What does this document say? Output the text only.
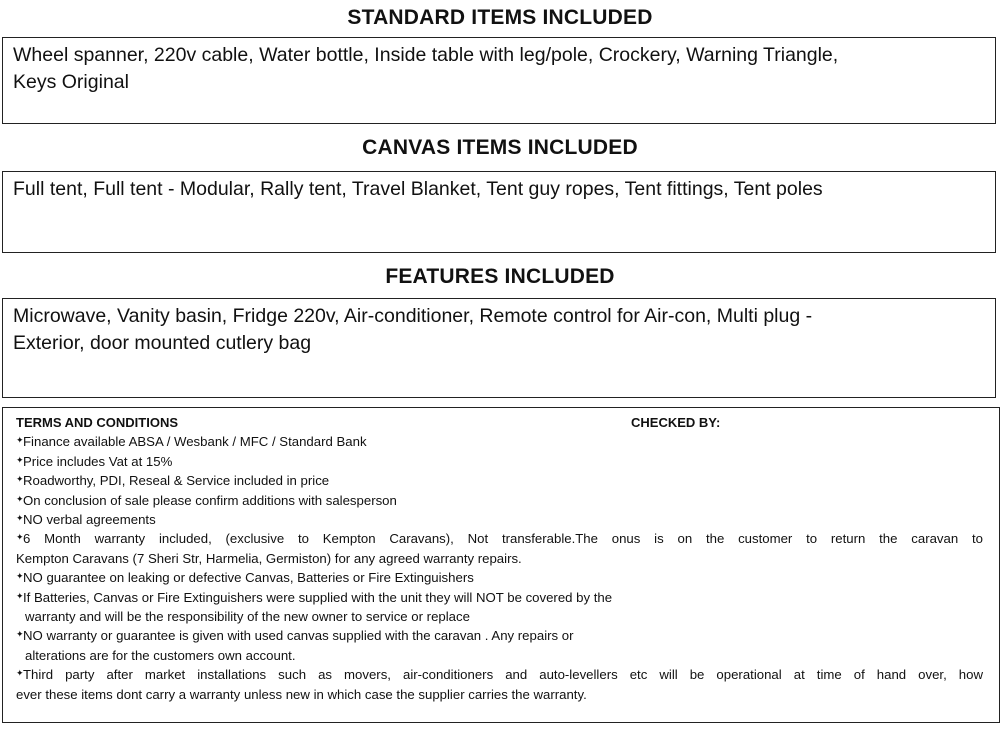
STANDARD ITEMS INCLUDED
Wheel spanner, 220v cable, Water bottle, Inside table with leg/pole, Crockery, Warning Triangle,
Keys Original
CANVAS ITEMS INCLUDED
Full tent, Full tent - Modular, Rally tent, Travel Blanket, Tent guy ropes, Tent fittings, Tent poles
FEATURES INCLUDED
Microwave, Vanity basin, Fridge 220v, Air-conditioner, Remote control for Air-con, Multi plug -
Exterior, door mounted cutlery bag
TERMS AND CONDITIONS	CHECKED BY:
✦ Finance available ABSA / Wesbank / MFC / Standard Bank
✦ Price includes Vat at 15%
✦ Roadworthy, PDI, Reseal & Service included in price
✦ On conclusion of sale please confirm additions with salesperson
✦ NO verbal agreements
✦ 6 Month warranty included, (exclusive to Kempton Caravans), Not transferable.The onus is on the customer to return the caravan to
Kempton Caravans (7 Sheri Str, Harmelia, Germiston) for any agreed warranty repairs.
✦ NO guarantee on leaking or defective Canvas, Batteries or Fire Extinguishers
✦ If Batteries, Canvas or Fire Extinguishers were supplied with the unit they will NOT be covered by the
warranty and will be the responsibility of the new owner to service or replace
✦ NO warranty or guarantee is given with used canvas supplied with the caravan . Any repairs or
alterations are for the customers own account.
✦ Third party after market installations such as movers, air-conditioners and auto-levellers etc will be operational at time of hand over, how
ever these items dont carry a warranty unless new in which case the supplier carries the warranty.
